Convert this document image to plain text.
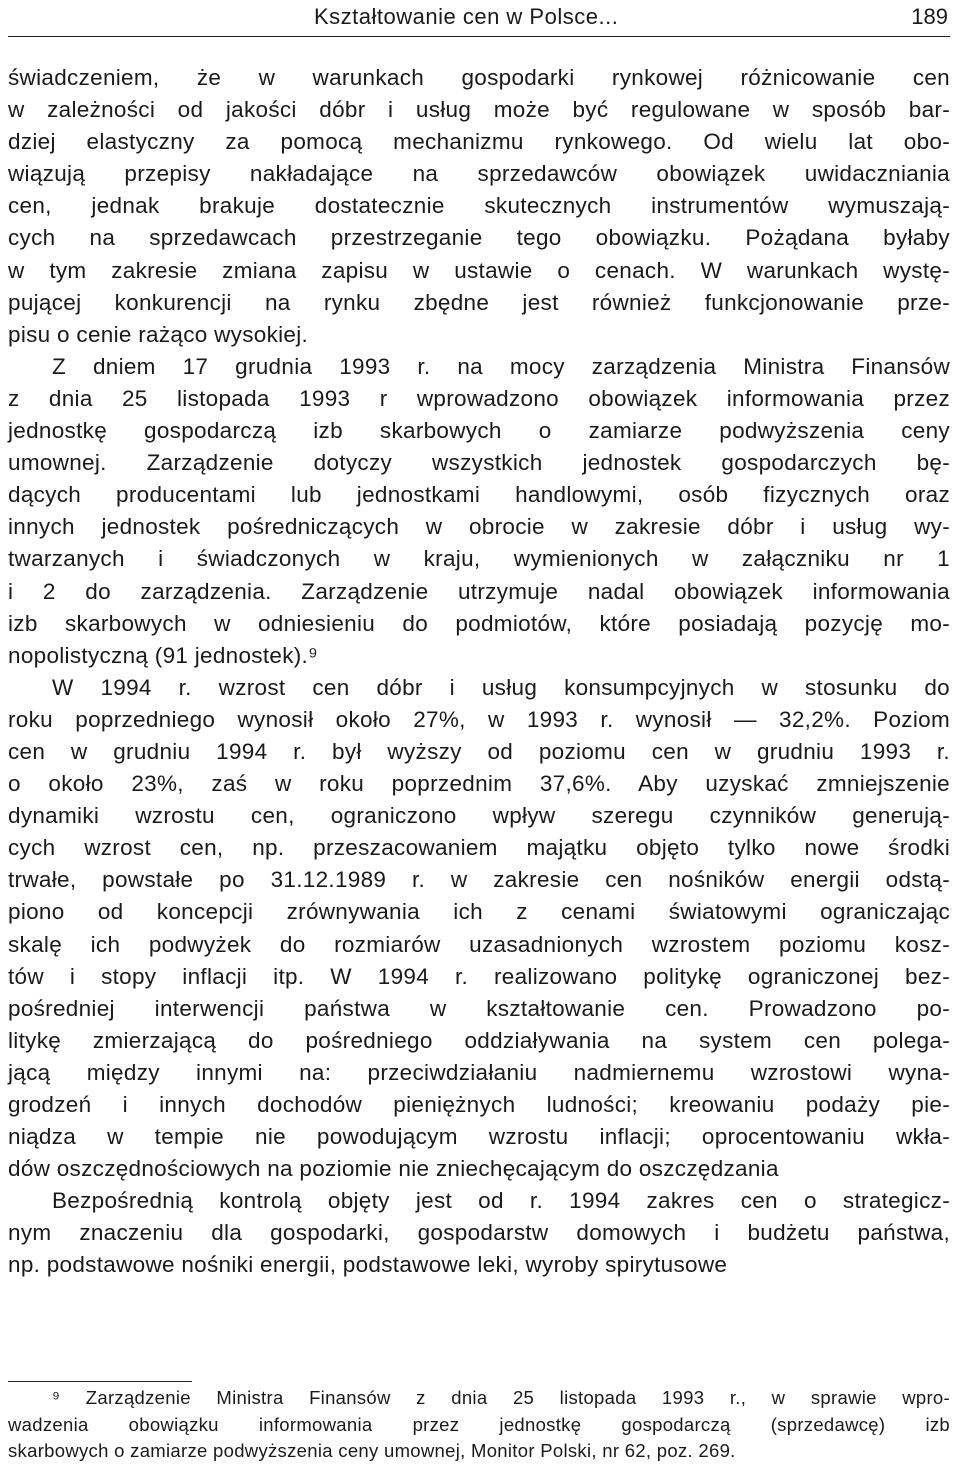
Kształtowanie cen w Polsce...	189
świadczeniem, że w warunkach gospodarki rynkowej różnicowanie cen
w zależności od jakości dóbr i usług może być regulowane w sposób bar-
dziej elastyczny za pomocą mechanizmu rynkowego. Od wielu lat obo-
wiązują przepisy nakładające na sprzedawców obowiązek uwidaczniania
cen, jednak brakuje dostatecznie skutecznych instrumentów wymuszają-
cych na sprzedawcach przestrzeganie tego obowiązku. Pożądana byłaby
w tym zakresie zmiana zapisu w ustawie o cenach. W warunkach wystę-
pującej konkurencji na rynku zbędne jest również funkcjonowanie prze-
pisu o cenie rażąco wysokiej.
Z dniem 17 grudnia 1993 r. na mocy zarządzenia Ministra Finansów
z dnia 25 listopada 1993 r wprowadzono obowiązek informowania przez
jednostkę gospodarczą izb skarbowych o zamiarze podwyższenia ceny
umownej. Zarządzenie dotyczy wszystkich jednostek gospodarczych bę-
dących producentami lub jednostkami handlowymi, osób fizycznych oraz
innych jednostek pośredniczących w obrocie w zakresie dóbr i usług wy-
twarzanych i świadczonych w kraju, wymienionych w załączniku nr 1
i 2 do zarządzenia. Zarządzenie utrzymuje nadal obowiązek informowania
izb skarbowych w odniesieniu do podmiotów, które posiadają pozycję mo-
nopolistyczną (91 jednostek).⁹
W 1994 r. wzrost cen dóbr i usług konsumpcyjnych w stosunku do
roku poprzedniego wynosił około 27%, w 1993 r. wynosił — 32,2%. Poziom
cen w grudniu 1994 r. był wyższy od poziomu cen w grudniu 1993 r.
o około 23%, zaś w roku poprzednim 37,6%. Aby uzyskać zmniejszenie
dynamiki wzrostu cen, ograniczono wpływ szeregu czynników generują-
cych wzrost cen, np. przeszacowaniem majątku objęto tylko nowe środki
trwałe, powstałe po 31.12.1989 r. w zakresie cen nośników energii odstą-
piono od koncepcji zrównywania ich z cenami światowymi ograniczając
skalę ich podwyżek do rozmiarów uzasadnionych wzrostem poziomu kosz-
tów i stopy inflacji itp. W 1994 r. realizowano politykę ograniczonej bez-
pośredniej interwencji państwa w kształtowanie cen. Prowadzono po-
litykę zmierzającą do pośredniego oddziaływania na system cen polega-
jącą między innymi na: przeciwdziałaniu nadmiernemu wzrostowi wyna-
grodzeń i innych dochodów pieniężnych ludności; kreowaniu podaży pie-
niądza w tempie nie powodującym wzrostu inflacji; oprocentowaniu wkła-
dów oszczędnościowych na poziomie nie zniechęcającym do oszczędzania
Bezpośrednią kontrolą objęty jest od r. 1994 zakres cen o strategicz-
nym znaczeniu dla gospodarki, gospodarstw domowych i budżetu państwa,
np. podstawowe nośniki energii, podstawowe leki, wyroby spirytusowe
⁹ Zarządzenie Ministra Finansów z dnia 25 listopada 1993 r., w sprawie wpro-
wadzenia obowiązku informowania przez jednostkę gospodarczą (sprzedawcę) izb
skarbowych o zamiarze podwyższenia ceny umownej, Monitor Polski, nr 62, poz. 269.
